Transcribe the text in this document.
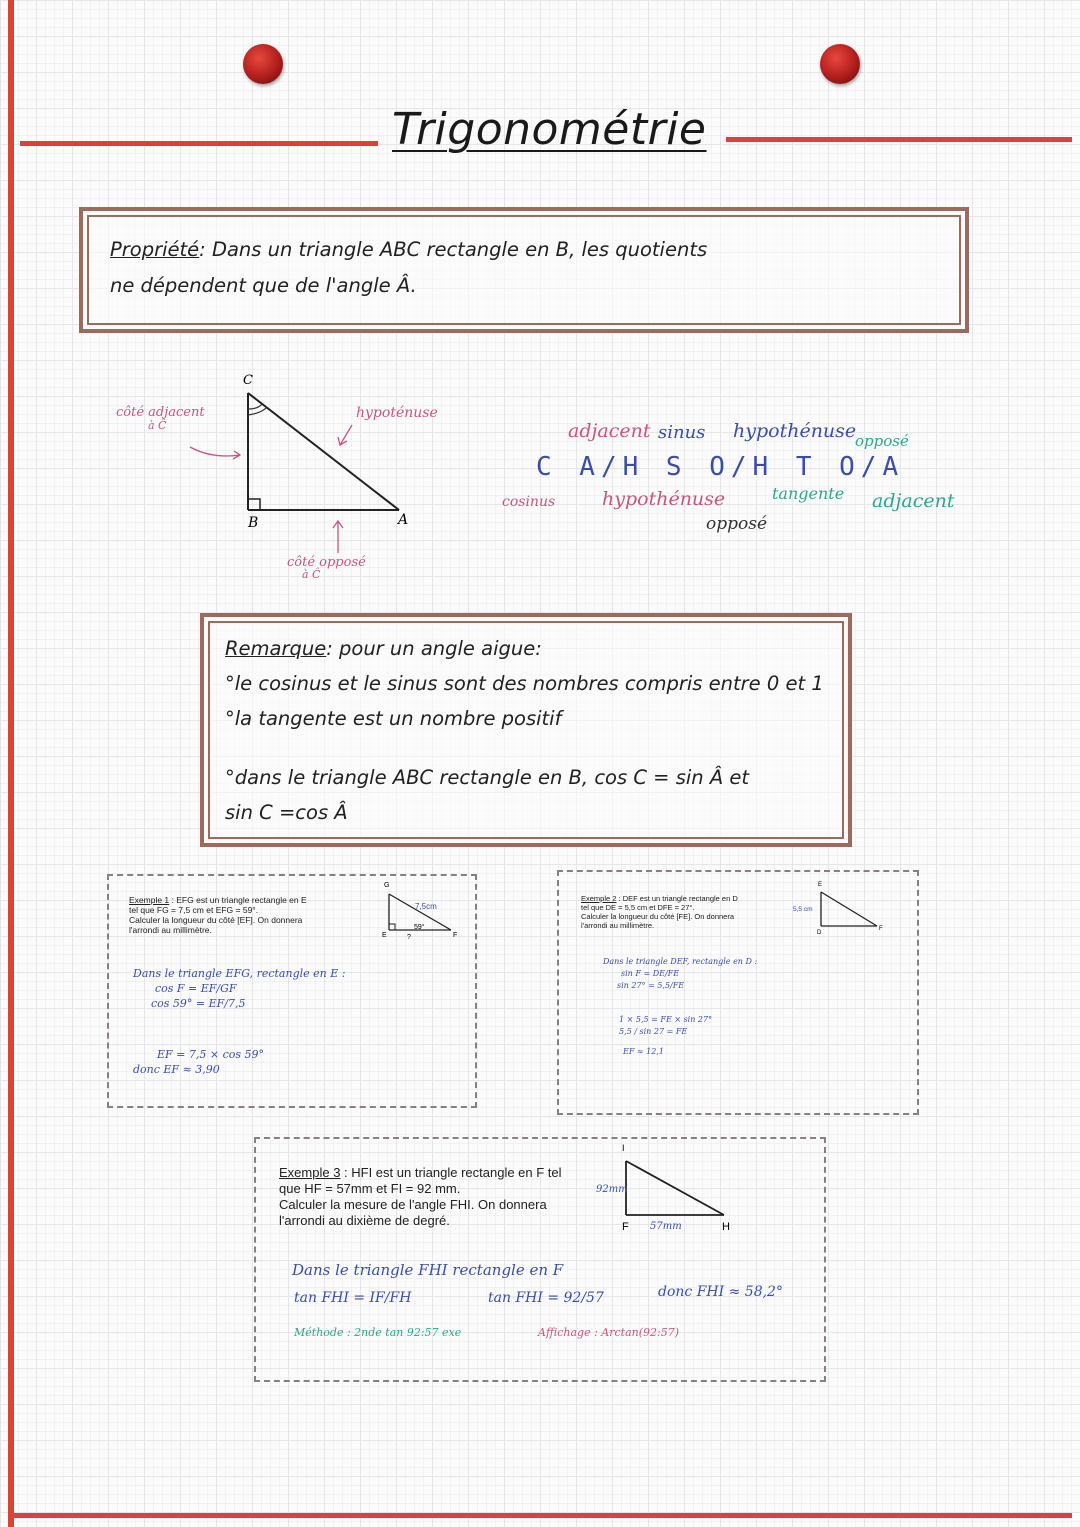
Trigonométrie
Propriété: Dans un triangle ABC rectangle en B, les quotients
ne dépendent que de l'angle Â.
C
B	A
côté adjacent
à Ĉ
hypoténuse
côté opposé
à Ĉ
adjacent sinus hypothénuse
opposé
C A/H S O/H T O/A
cosinus hypothénuse	tangente adjacent
opposé
Remarque: pour un angle aigue:
°le cosinus et le sinus sont des nombres compris entre 0 et 1
°la tangente est un nombre positif

°dans le triangle ABC rectangle en B, cos C = sin Â et
sin C =cos Â
Exemple 1 : EFG est un triangle rectangle en E
tel que FG = 7,5 cm et EFG = 59°.
Calculer la longueur du côté [EF]. On donnera
l'arrondi au millimètre.
G
7,5cm
59°
E	F
?
Dans le triangle EFG, rectangle en E :
cos F = EF/GF
cos 59° = EF/7,5

EF = 7,5 × cos 59°
donc EF ≈ 3,90
Exemple 2 : DEF est un triangle rectangle en D
tel que DE = 5,5 cm et DFE = 27°.
Calculer la longueur du côté [FE]. On donnera
l'arrondi au millimètre.
E
5,5 cm
D
F
Dans le triangle DEF, rectangle en D :
sin F = DE/FE
sin 27° = 5,5/FE

1 × 5,5 = FE × sin 27°
5,5 / sin 27 = FE

EF ≈ 12,1
Exemple 3 : HFI est un triangle rectangle en F tel
que HF = 57mm et FI = 92 mm.
Calculer la mesure de l'angle FHI. On donnera
l'arrondi au dixième de degré.
I
92mm
F 57mm	H
Dans le triangle FHI rectangle en F
tan FHI = IF/FH	tan FHI = 92/57	donc FHI ≈ 58,2°
Méthode : 2nde tan 92:57 exe	Affichage : Arctan(92:57)
